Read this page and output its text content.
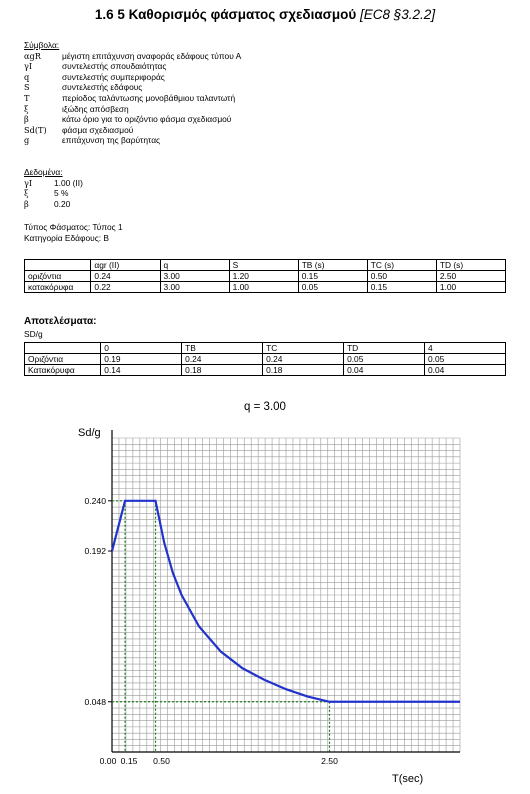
1.6 5 Καθορισμός φάσματος σχεδιασμού [EC8 §3.2.2]
Σύμβολα:
αgR	μέγιστη επιτάχυνση αναφοράς εδάφους τύπου Α
γI	συντελεστής σπουδαιότητας
q	συντελεστής συμπεριφοράς
S	συντελεστής εδάφους
T	περίοδος ταλάντωσης μονοβάθμιου ταλαντωτή
ξ	ιξώδης απόσβεση
β	κάτω όριο για το οριζόντιο φάσμα σχεδιασμού
Sd(T)	φάσμα σχεδιασμού
g	επιτάχυνση της βαρύτητας
Δεδομένα:
γI	1.00 (II)
ξ	5 %
β	0.20
Τύπος Φάσματος: Τύπος 1
Κατηγορία Εδάφους: B
	αgr (II)	q	S	TB (s)	TC (s)	TD (s)
οριζόντια	0.24	3.00	1.20	0.15	0.50	2.50
κατακόρυφα	0.22	3.00	1.00	0.05	0.15	1.00
Αποτελέσματα:
SD/g
	0	TB	TC	TD	4
Οριζόντια	0.19	0.24	0.24	0.05	0.05
Κατακόρυφα	0.14	0.18	0.18	0.04	0.04
q = 3.00
Sd/g
T(sec)
0.240
0.192
0.048
0.00 0.15 0.50	2.50
